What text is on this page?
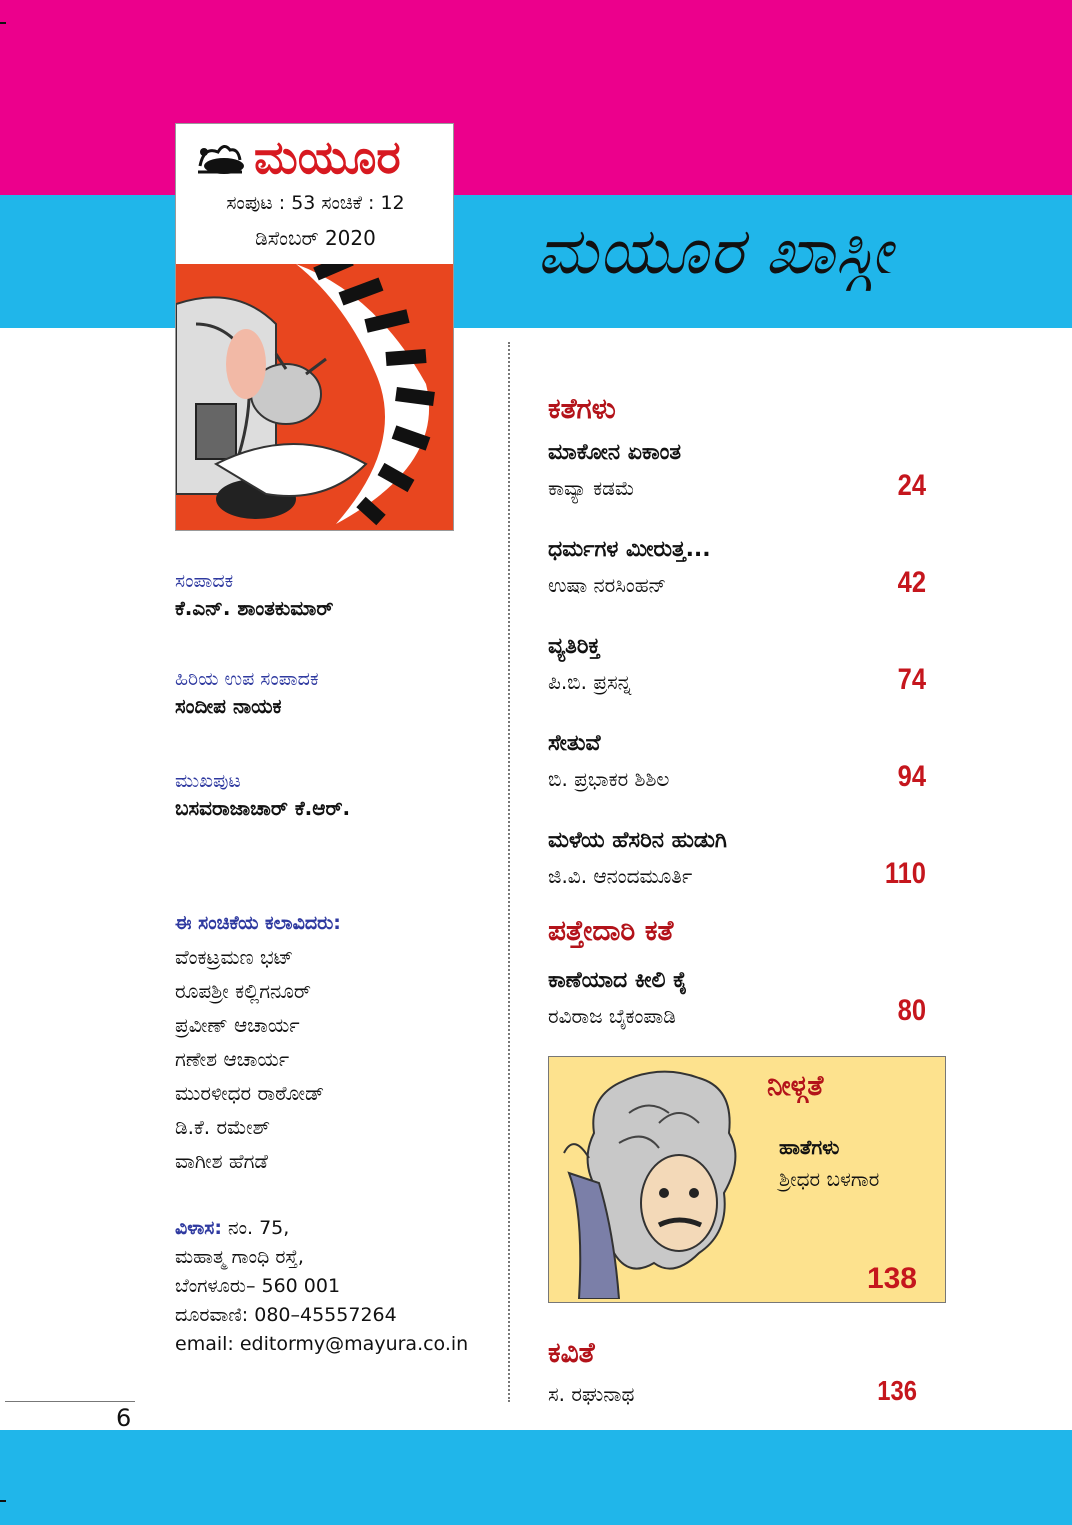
ಮಯೂರ ಖಾಸ್ಗೀ
ಮಯೂರ
ಸಂಪುಟ : 53 ಸಂಚಿಕೆ : 12
ಡಿಸೆಂಬರ್ 2020
ಸಂಪಾದಕ
ಕೆ.ಎನ್. ಶಾಂತಕುಮಾರ್
ಹಿರಿಯ ಉಪ ಸಂಪಾದಕ
ಸಂದೀಪ ನಾಯಕ
ಮುಖಪುಟ
ಬಸವರಾಜಾಚಾರ್ ಕೆ.ಆರ್.
ಈ ಸಂಚಿಕೆಯ ಕಲಾವಿದರು:
ವೆಂಕಟ್ರಮಣ ಭಟ್
ರೂಪಶ್ರೀ ಕಲ್ಲಿಗನೂರ್
ಪ್ರವೀಣ್ ಆಚಾರ್ಯ
ಗಣೇಶ ಆಚಾರ್ಯ
ಮುರಳೀಧರ ರಾಠೋಡ್
ಡಿ.ಕೆ. ರಮೇಶ್
ವಾಗೀಶ ಹೆಗಡೆ
ವಿಳಾಸ: ನಂ. 75,
ಮಹಾತ್ಮ ಗಾಂಧಿ ರಸ್ತೆ,
ಬೆಂಗಳೂರು– 560 001
ದೂರವಾಣಿ: 080–45557264
email: editormy@mayura.co.in
ಕತೆಗಳು
ಮಾಕೋನ ಏಕಾಂತ
ಕಾವ್ಯಾ ಕಡಮೆ	24
ಧರ್ಮಗಳ ಮೀರುತ್ತ...
ಉಷಾ ನರಸಿಂಹನ್	42
ವ್ಯತಿರಿಕ್ತ
ಪಿ.ಬಿ. ಪ್ರಸನ್ನ	74
ಸೇತುವೆ
ಬಿ. ಪ್ರಭಾಕರ ಶಿಶಿಲ	94
ಮಳೆಯ ಹೆಸರಿನ ಹುಡುಗಿ
ಜಿ.ವಿ. ಆನಂದಮೂರ್ತಿ	110
ಪತ್ತೇದಾರಿ ಕತೆ
ಕಾಣೆಯಾದ ಕೀಲಿ ಕೈ
ರವಿರಾಜ ಬೈಕಂಪಾಡಿ	80
ನೀಳ್ಗತೆ
ಹಾತೆಗಳು
ಶ್ರೀಧರ ಬಳಗಾರ
138
ಕವಿತೆ
ಸ. ರಘುನಾಥ	136
6
